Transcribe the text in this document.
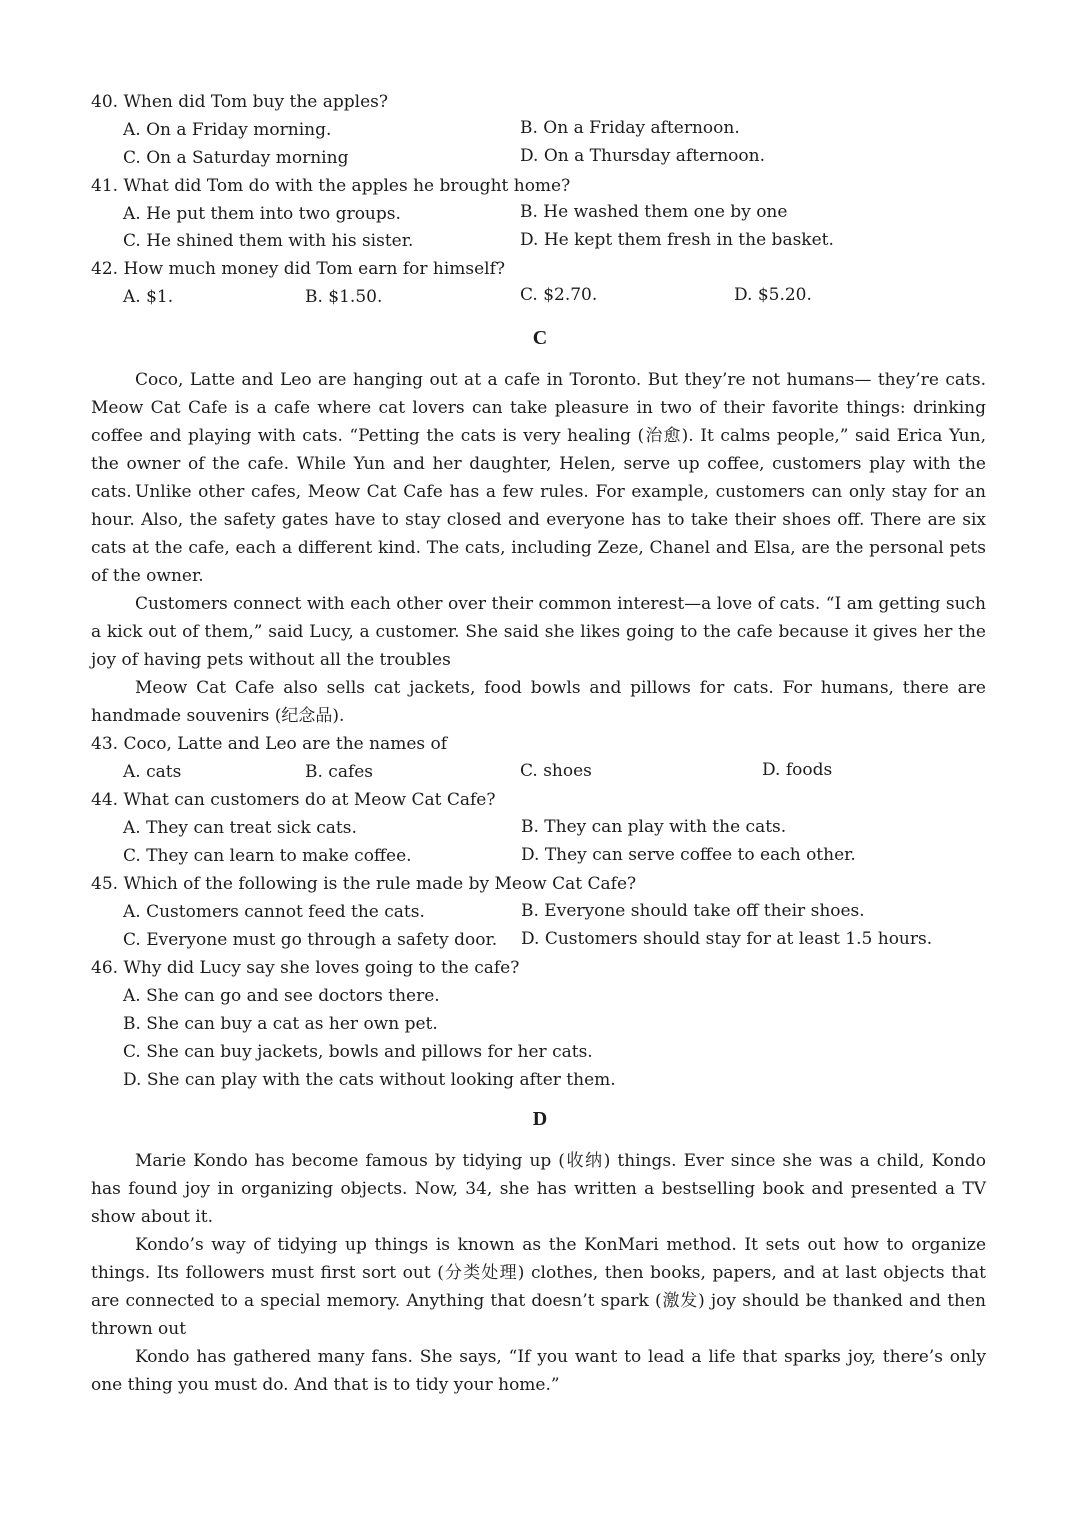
40. When did Tom buy the apples?
A. On a Friday morning.	B. On a Friday afternoon.
C. On a Saturday morning	D. On a Thursday afternoon.
41. What did Tom do with the apples he brought home?
A. He put them into two groups.	B. He washed them one by one
C. He shined them with his sister.	D. He kept them fresh in the basket.
42. How much money did Tom earn for himself?
A. $1.	B. $1.50.	C. $2.70.	D. $5.20.
C

Coco, Latte and Leo are hanging out at a cafe in Toronto. But they’re not humans— they’re cats. Meow Cat Cafe is a cafe where cat lovers can take pleasure in two of their favorite things: drinking coffee and playing with cats. “Petting the cats is very healing (治愈). It calms people,” said Erica Yun, the owner of the cafe. While Yun and her daughter, Helen, serve up coffee, customers play with the cats. Unlike other cafes, Meow Cat Cafe has a few rules. For example, customers can only stay for an hour. Also, the safety gates have to stay closed and everyone has to take their shoes off. There are six cats at the cafe, each a different kind. The cats, including Zeze, Chanel and Elsa, are the personal pets of the owner.

Customers connect with each other over their common interest—a love of cats. “I am getting such a kick out of them,” said Lucy, a customer. She said she likes going to the cafe because it gives her the joy of having pets without all the troubles

Meow Cat Cafe also sells cat jackets, food bowls and pillows for cats. For humans, there are handmade souvenirs (纪念品).

43. Coco, Latte and Leo are the names of
A. cats	B. cafes	C. shoes	D. foods
44. What can customers do at Meow Cat Cafe?
A. They can treat sick cats.	B. They can play with the cats.
C. They can learn to make coffee.	D. They can serve coffee to each other.
45. Which of the following is the rule made by Meow Cat Cafe?
A. Customers cannot feed the cats.	B. Everyone should take off their shoes.
C. Everyone must go through a safety door. D. Customers should stay for at least 1.5 hours.
46. Why did Lucy say she loves going to the cafe?
A. She can go and see doctors there.
B. She can buy a cat as her own pet.
C. She can buy jackets, bowls and pillows for her cats.
D. She can play with the cats without looking after them.
D

Marie Kondo has become famous by tidying up (收纳) things. Ever since she was a child, Kondo has found joy in organizing objects. Now, 34, she has written a bestselling book and presented a TV show about it.

Kondo’s way of tidying up things is known as the KonMari method. It sets out how to organize things. Its followers must first sort out (分类处理) clothes, then books, papers, and at last objects that are connected to a special memory. Anything that doesn’t spark (激发) joy should be thanked and then thrown out

Kondo has gathered many fans. She says, “If you want to lead a life that sparks joy, there’s only one thing you must do. And that is to tidy your home.”
